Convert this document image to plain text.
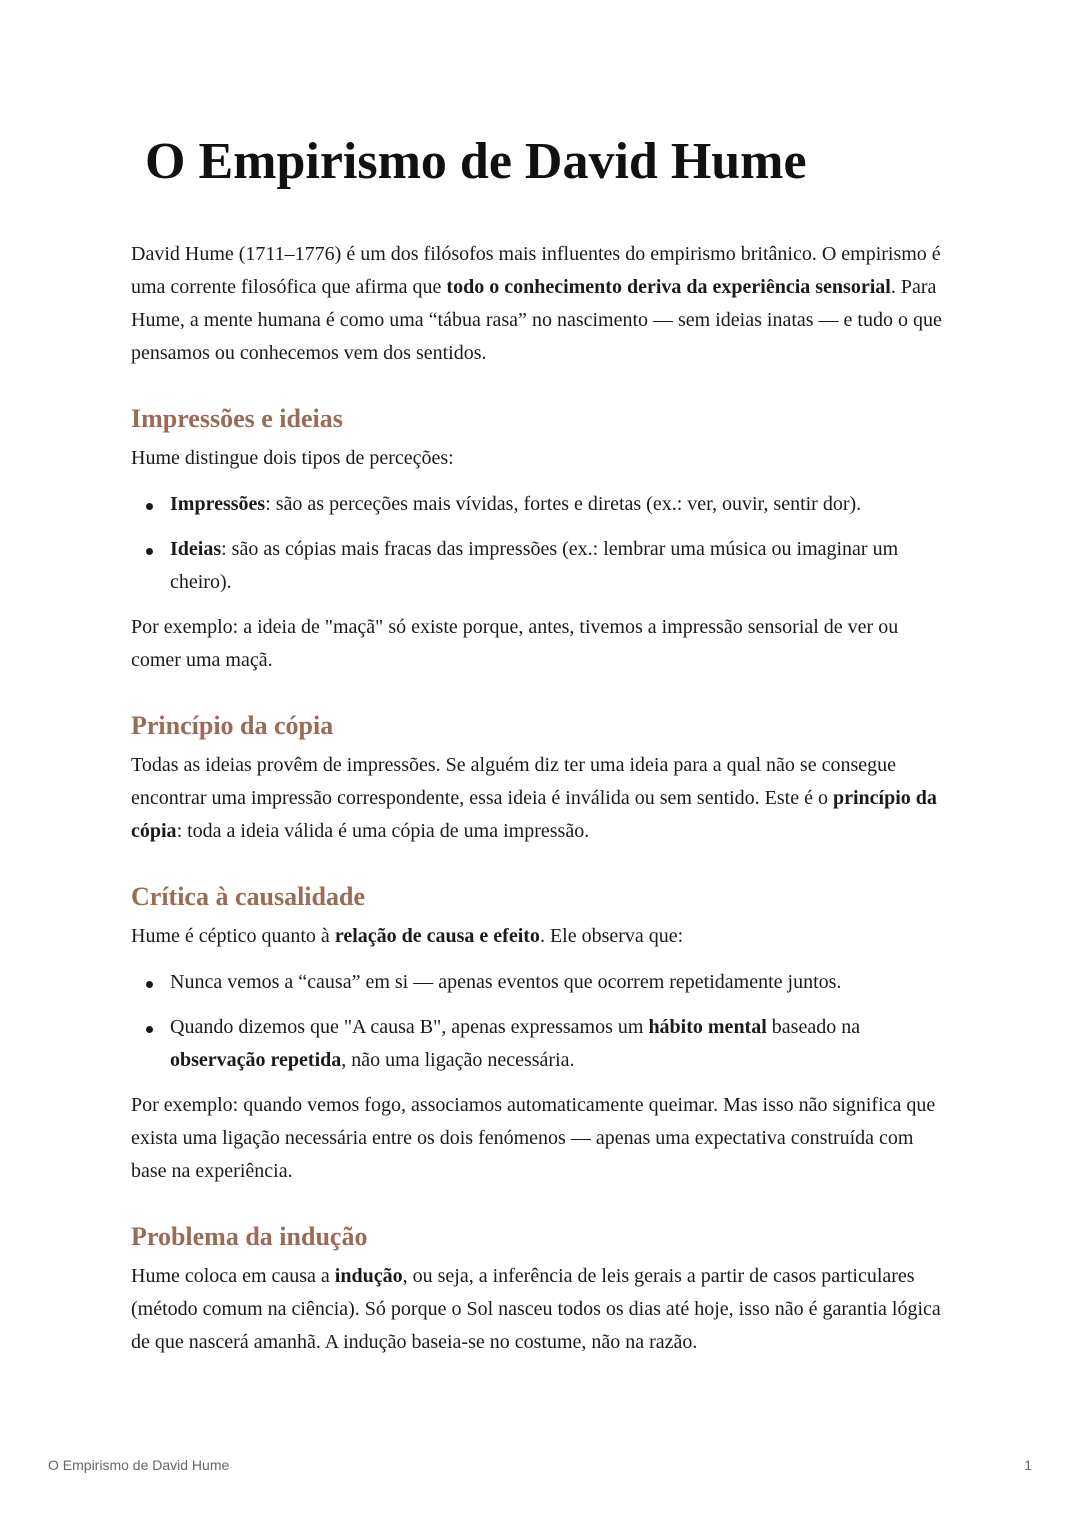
O Empirismo de David Hume

David Hume (1711–1776) é um dos filósofos mais influentes do empirismo britânico. O empirismo é uma corrente filosófica que afirma que todo o conhecimento deriva da experiência sensorial. Para Hume, a mente humana é como uma “tábua rasa” no nascimento — sem ideias inatas — e tudo o que pensamos ou conhecemos vem dos sentidos.

Impressões e ideias

Hume distingue dois tipos de perceções:

Impressões: são as perceções mais vívidas, fortes e diretas (ex.: ver, ouvir, sentir dor).
Ideias: são as cópias mais fracas das impressões (ex.: lembrar uma música ou imaginar um cheiro).

Por exemplo: a ideia de "maçã" só existe porque, antes, tivemos a impressão sensorial de ver ou comer uma maçã.

Princípio da cópia

Todas as ideias provêm de impressões. Se alguém diz ter uma ideia para a qual não se consegue encontrar uma impressão correspondente, essa ideia é inválida ou sem sentido. Este é o princípio da cópia: toda a ideia válida é uma cópia de uma impressão.

Crítica à causalidade

Hume é céptico quanto à relação de causa e efeito. Ele observa que:

Nunca vemos a “causa” em si — apenas eventos que ocorrem repetidamente juntos.
Quando dizemos que "A causa B", apenas expressamos um hábito mental baseado na observação repetida, não uma ligação necessária.

Por exemplo: quando vemos fogo, associamos automaticamente queimar. Mas isso não significa que exista uma ligação necessária entre os dois fenómenos — apenas uma expectativa construída com base na experiência.

Problema da indução

Hume coloca em causa a indução, ou seja, a inferência de leis gerais a partir de casos particulares (método comum na ciência). Só porque o Sol nasceu todos os dias até hoje, isso não é garantia lógica de que nascerá amanhã. A indução baseia-se no costume, não na razão.

O Empirismo de David Hume	1
